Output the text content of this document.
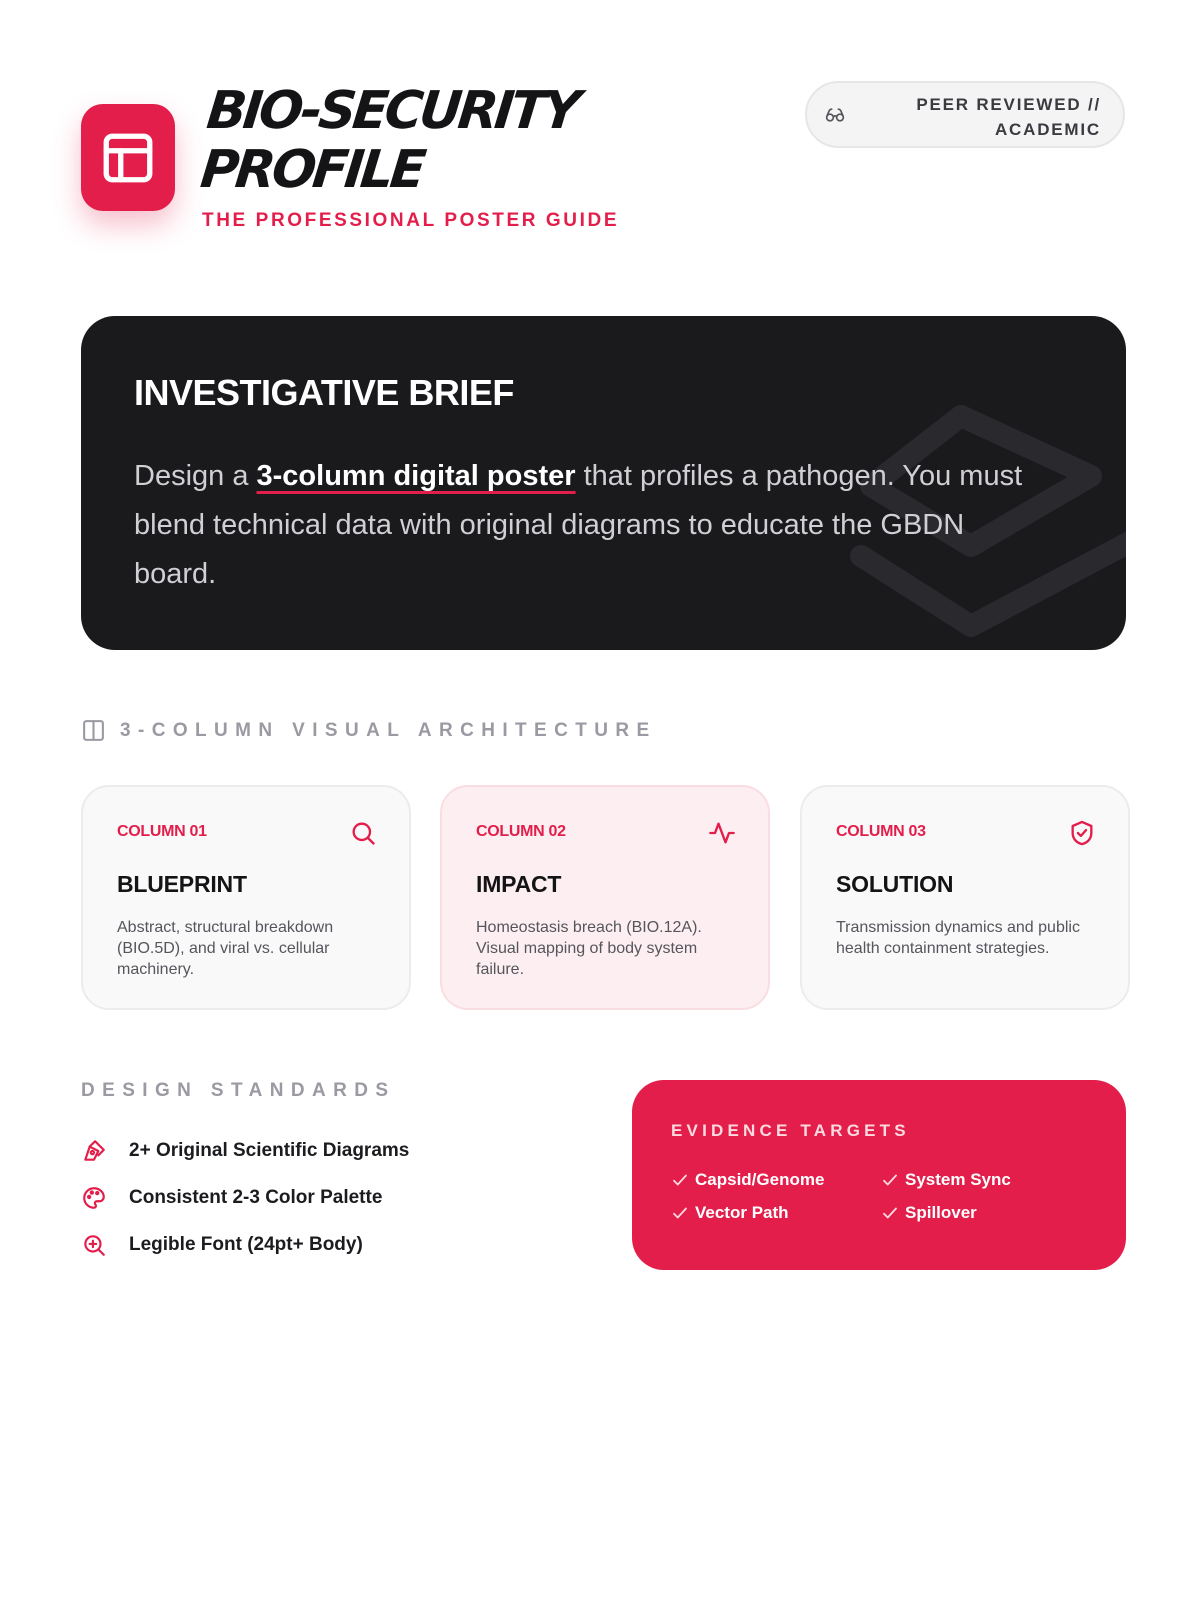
BIO-SECURITY
PROFILE
THE PROFESSIONAL POSTER GUIDE
PEER REVIEWED //
ACADEMIC
INVESTIGATIVE BRIEF

Design a 3-column digital poster that profiles a pathogen. You must blend technical data with original diagrams to educate the GBDN board.

3-COLUMN VISUAL ARCHITECTURE
COLUMN 01
BLUEPRINT
Abstract, structural breakdown (BIO.5D), and viral vs. cellular machinery.
COLUMN 02
IMPACT
Homeostasis breach (BIO.12A). Visual mapping of body system failure.
COLUMN 03
SOLUTION
Transmission dynamics and public health containment strategies.
DESIGN STANDARDS
2+ Original Scientific Diagrams
Consistent 2-3 Color Palette
Legible Font (24pt+ Body)
EVIDENCE TARGETS
Capsid/Genome	System Sync
Vector Path	Spillover
